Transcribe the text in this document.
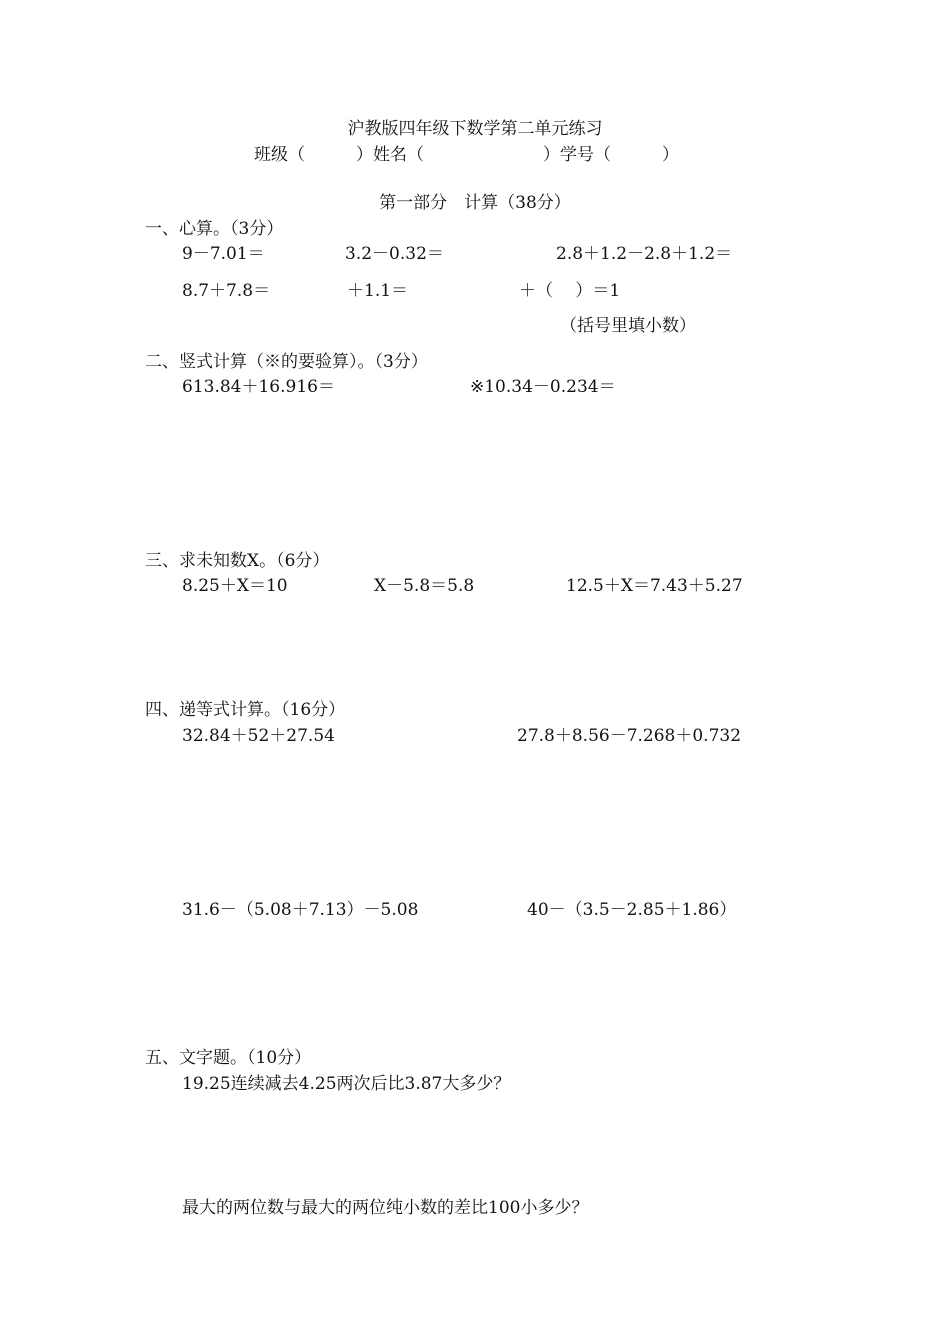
沪教版四年级下数学第二单元练习
班级（　　　）姓名（　　　　　　　）学号（　　　）
第一部分　计算（38分）
一、心算。（3分）
9－7.01＝	3.2－0.32＝	2.8＋1.2－2.8＋1.2＝
8.7＋7.8＝	＋1.1＝	＋（　 ）＝1
（括号里填小数）
二、竖式计算（※的要验算）。（3分）
613.84＋16.916＝	※10.34－0.234＝
三、求未知数X。（6分）
8.25＋X＝10	X－5.8＝5.8	12.5＋X＝7.43＋5.27
四、递等式计算。（16分）
32.84＋52＋27.54	27.8＋8.56－7.268＋0.732
31.6－（5.08＋7.13）－5.08	40－（3.5－2.85＋1.86）
五、文字题。（10分）
19.25连续减去4.25两次后比3.87大多少？
最大的两位数与最大的两位纯小数的差比100小多少？
